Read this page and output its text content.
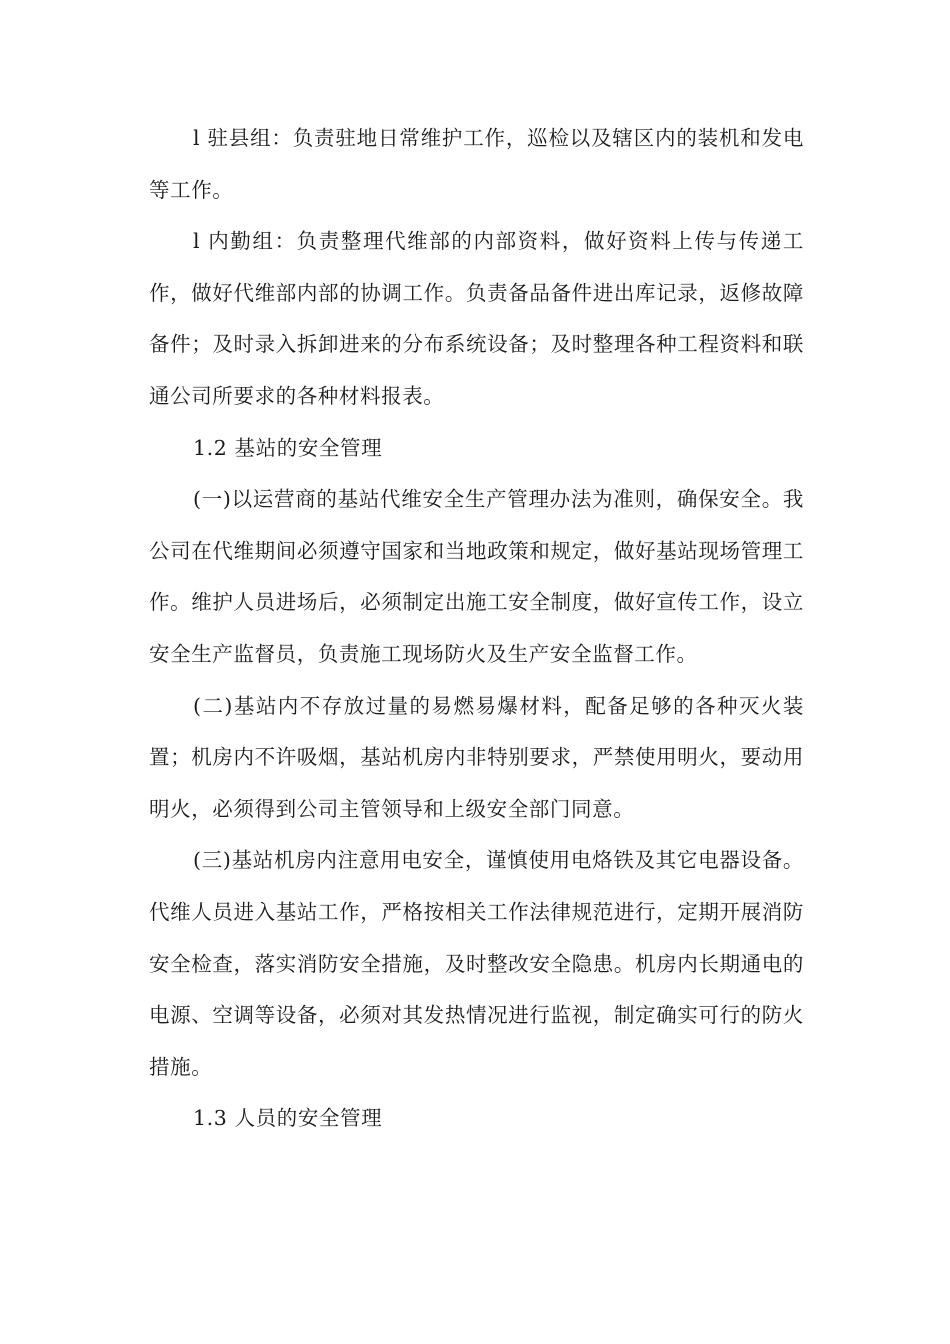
l 驻县组：负责驻地日常维护工作，巡检以及辖区内的装机和发电等工作。

l 内勤组：负责整理代维部的内部资料，做好资料上传与传递工作，做好代维部内部的协调工作。负责备品备件进出库记录，返修故障备件；及时录入拆卸进来的分布系统设备；及时整理各种工程资料和联通公司所要求的各种材料报表。

1.2 基站的安全管理

(一)以运营商的基站代维安全生产管理办法为准则，确保安全。我公司在代维期间必须遵守国家和当地政策和规定，做好基站现场管理工作。维护人员进场后，必须制定出施工安全制度，做好宣传工作，设立安全生产监督员，负责施工现场防火及生产安全监督工作。

(二)基站内不存放过量的易燃易爆材料，配备足够的各种灭火装置；机房内不许吸烟，基站机房内非特别要求，严禁使用明火，要动用明火，必须得到公司主管领导和上级安全部门同意。

(三)基站机房内注意用电安全，谨慎使用电烙铁及其它电器设备。代维人员进入基站工作，严格按相关工作法律规范进行，定期开展消防安全检查，落实消防安全措施，及时整改安全隐患。机房内长期通电的电源、空调等设备，必须对其发热情况进行监视，制定确实可行的防火措施。

1.3 人员的安全管理
